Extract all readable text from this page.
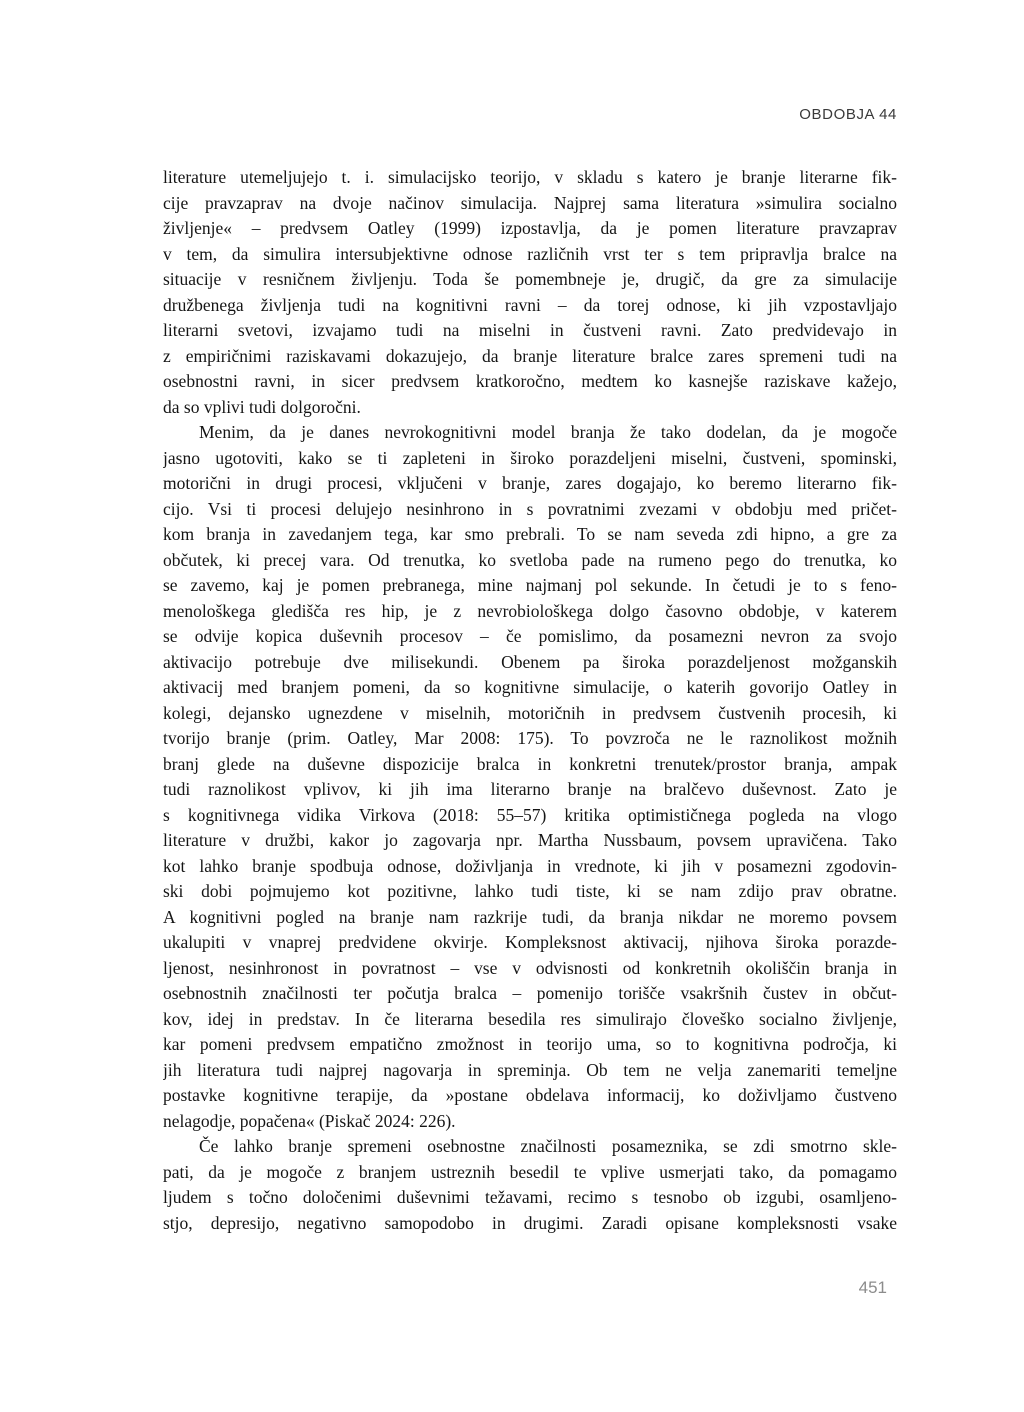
OBDOBJA 44
literature utemeljujejo t. i. simulacijsko teorijo, v skladu s katero je branje literarne fik-
cije pravzaprav na dvoje načinov simulacija. Najprej sama literatura »simulira socialno
življenje« – predvsem Oatley (1999) izpostavlja, da je pomen literature pravzaprav
v tem, da simulira intersubjektivne odnose različnih vrst ter s tem pripravlja bralce na
situacije v resničnem življenju. Toda še pomembneje je, drugič, da gre za simulacije
družbenega življenja tudi na kognitivni ravni – da torej odnose, ki jih vzpostavljajo
literarni svetovi, izvajamo tudi na miselni in čustveni ravni. Zato predvidevajo in
z empiričnimi raziskavami dokazujejo, da branje literature bralce zares spremeni tudi na
osebnostni ravni, in sicer predvsem kratkoročno, medtem ko kasnejše raziskave kažejo,
da so vplivi tudi dolgoročni.
Menim, da je danes nevrokognitivni model branja že tako dodelan, da je mogoče
jasno ugotoviti, kako se ti zapleteni in široko porazdeljeni miselni, čustveni, spominski,
motorični in drugi procesi, vključeni v branje, zares dogajajo, ko beremo literarno fik-
cijo. Vsi ti procesi delujejo nesinhrono in s povratnimi zvezami v obdobju med pričet-
kom branja in zavedanjem tega, kar smo prebrali. To se nam seveda zdi hipno, a gre za
občutek, ki precej vara. Od trenutka, ko svetloba pade na rumeno pego do trenutka, ko
se zavemo, kaj je pomen prebranega, mine najmanj pol sekunde. In četudi je to s feno-
menološkega gledišča res hip, je z nevrobiološkega dolgo časovno obdobje, v katerem
se odvije kopica duševnih procesov – če pomislimo, da posamezni nevron za svojo
aktivacijo potrebuje dve milisekundi. Obenem pa široka porazdeljenost možganskih
aktivacij med branjem pomeni, da so kognitivne simulacije, o katerih govorijo Oatley in
kolegi, dejansko ugnezdene v miselnih, motoričnih in predvsem čustvenih procesih, ki
tvorijo branje (prim. Oatley, Mar 2008: 175). To povzroča ne le raznolikost možnih
branj glede na duševne dispozicije bralca in konkretni trenutek/prostor branja, ampak
tudi raznolikost vplivov, ki jih ima literarno branje na bralčevo duševnost. Zato je
s kognitivnega vidika Virkova (2018: 55–57) kritika optimističnega pogleda na vlogo
literature v družbi, kakor jo zagovarja npr. Martha Nussbaum, povsem upravičena. Tako
kot lahko branje spodbuja odnose, doživljanja in vrednote, ki jih v posamezni zgodovin-
ski dobi pojmujemo kot pozitivne, lahko tudi tiste, ki se nam zdijo prav obratne.
A kognitivni pogled na branje nam razkrije tudi, da branja nikdar ne moremo povsem
ukalupiti v vnaprej predvidene okvirje. Kompleksnost aktivacij, njihova široka porazde-
ljenost, nesinhronost in povratnost – vse v odvisnosti od konkretnih okoliščin branja in
osebnostnih značilnosti ter počutja bralca – pomenijo torišče vsakršnih čustev in občut-
kov, idej in predstav. In če literarna besedila res simulirajo človeško socialno življenje,
kar pomeni predvsem empatično zmožnost in teorijo uma, so to kognitivna področja, ki
jih literatura tudi najprej nagovarja in spreminja. Ob tem ne velja zanemariti temeljne
postavke kognitivne terapije, da »postane obdelava informacij, ko doživljamo čustveno
nelagodje, popačena« (Piskač 2024: 226).
Če lahko branje spremeni osebnostne značilnosti posameznika, se zdi smotrno skle-
pati, da je mogoče z branjem ustreznih besedil te vplive usmerjati tako, da pomagamo
ljudem s točno določenimi duševnimi težavami, recimo s tesnobo ob izgubi, osamljeno-
stjo, depresijo, negativno samopodobo in drugimi. Zaradi opisane kompleksnosti vsake
451
